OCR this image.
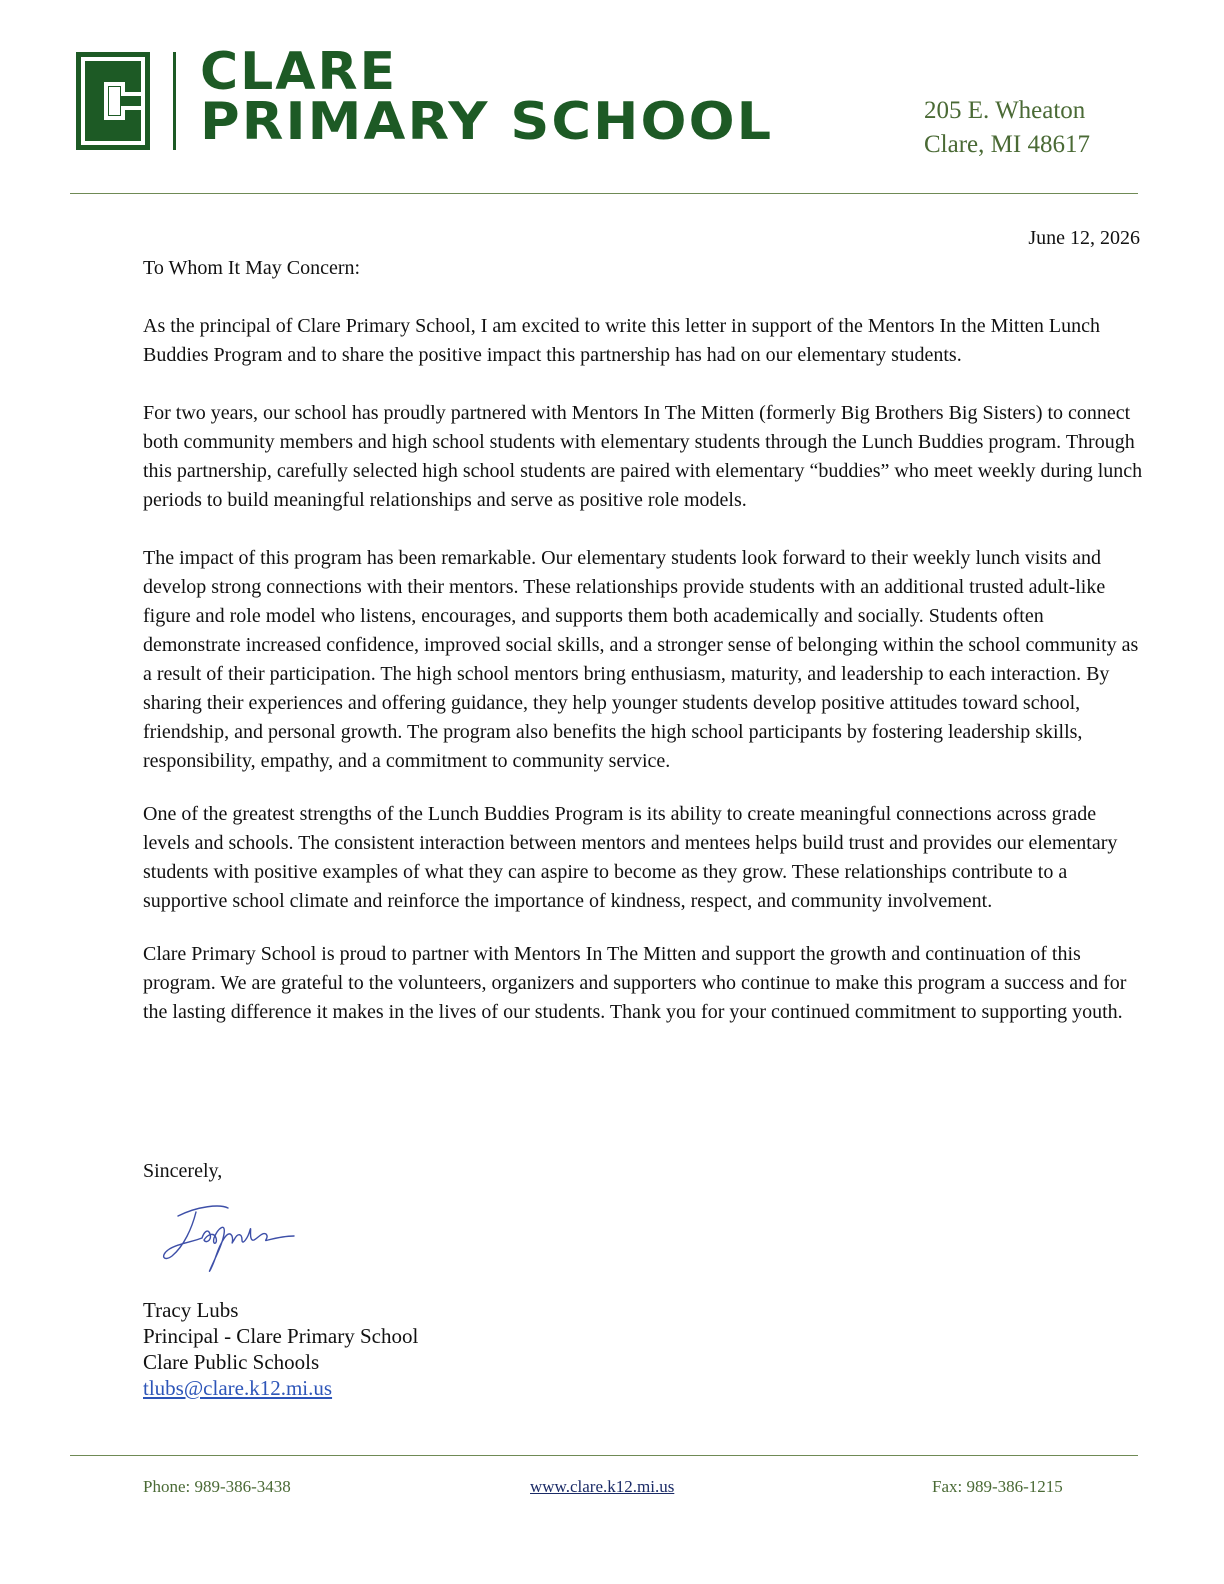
CLARE
PRIMARY SCHOOL	205 E. Wheaton
Clare, MI 48617
June 12, 2026

To Whom It May Concern:

As the principal of Clare Primary School, I am excited to write this letter in support of the Mentors In the Mitten Lunch Buddies Program and to share the positive impact this partnership has had on our elementary students.

For two years, our school has proudly partnered with Mentors In The Mitten (formerly Big Brothers Big Sisters) to connect both community members and high school students with elementary students through the Lunch Buddies program. Through this partnership, carefully selected high school students are paired with elementary “buddies” who meet weekly during lunch periods to build meaningful relationships and serve as positive role models.

The impact of this program has been remarkable. Our elementary students look forward to their weekly lunch visits and develop strong connections with their mentors. These relationships provide students with an additional trusted adult-like figure and role model who listens, encourages, and supports them both academically and socially. Students often demonstrate increased confidence, improved social skills, and a stronger sense of belonging within the school community as a result of their participation. The high school mentors bring enthusiasm, maturity, and leadership to each interaction. By sharing their experiences and offering guidance, they help younger students develop positive attitudes toward school, friendship, and personal growth. The program also benefits the high school participants by fostering leadership skills, responsibility, empathy, and a commitment to community service.

One of the greatest strengths of the Lunch Buddies Program is its ability to create meaningful connections across grade levels and schools. The consistent interaction between mentors and mentees helps build trust and provides our elementary students with positive examples of what they can aspire to become as they grow. These relationships contribute to a supportive school climate and reinforce the importance of kindness, respect, and community involvement.

Clare Primary School is proud to partner with Mentors In The Mitten and support the growth and continuation of this program. We are grateful to the volunteers, organizers and supporters who continue to make this program a success and for the lasting difference it makes in the lives of our students. Thank you for your continued commitment to supporting youth.

Sincerely,
Tracy Lubs
Principal - Clare Primary School
Clare Public Schools
tlubs@clare.k12.mi.us
Phone: 989-386-3438	www.clare.k12.mi.us	Fax: 989-386-1215
